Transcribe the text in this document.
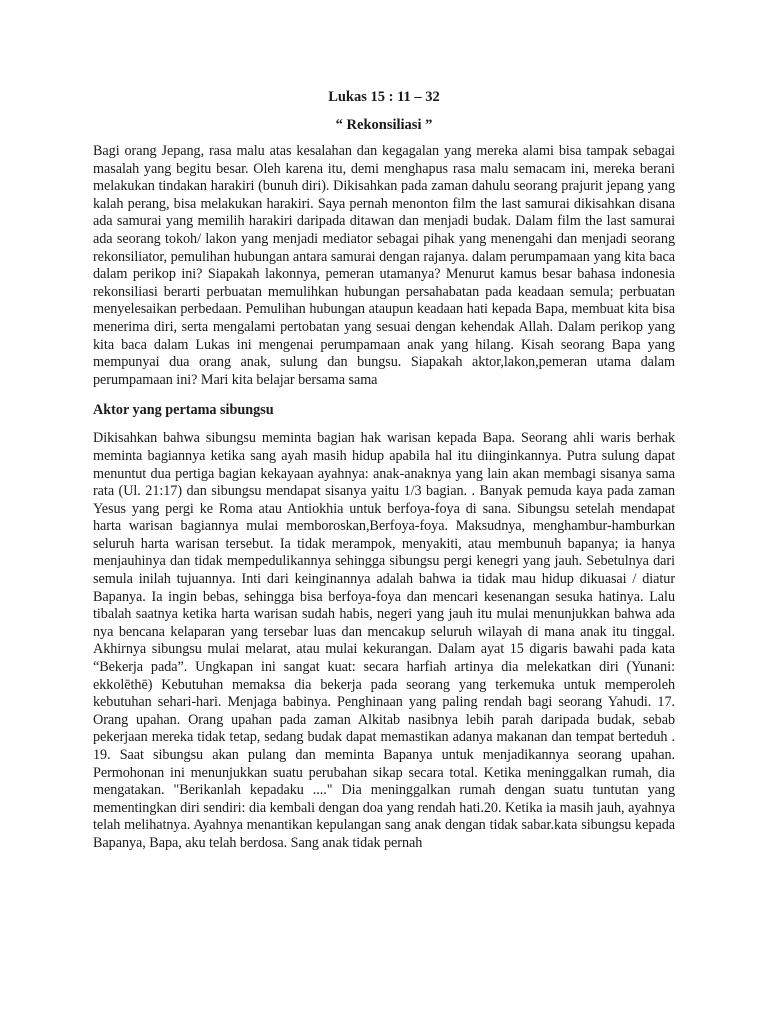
Lukas 15 : 11 – 32
“ Rekonsiliasi ”

Bagi orang Jepang, rasa malu atas kesalahan dan kegagalan yang mereka alami bisa tampak sebagai masalah yang begitu besar. Oleh karena itu, demi menghapus rasa malu semacam ini, mereka berani melakukan tindakan harakiri (bunuh diri). Dikisahkan pada zaman dahulu seorang prajurit jepang yang kalah perang, bisa melakukan harakiri. Saya pernah menonton film the last samurai dikisahkan disana ada samurai yang memilih harakiri daripada ditawan dan menjadi budak. Dalam film the last samurai ada seorang tokoh/ lakon yang menjadi mediator sebagai pihak yang menengahi dan menjadi seorang rekonsiliator, pemulihan hubungan antara samurai dengan rajanya. dalam perumpamaan yang kita baca dalam perikop ini? Siapakah lakonnya, pemeran utamanya? Menurut kamus besar bahasa indonesia rekonsiliasi berarti perbuatan memulihkan hubungan persahabatan pada keadaan semula; perbuatan menyelesaikan perbedaan. Pemulihan hubungan ataupun keadaan hati kepada Bapa, membuat kita bisa menerima diri, serta mengalami pertobatan yang sesuai dengan kehendak Allah. Dalam perikop yang kita baca dalam Lukas ini mengenai perumpamaan anak yang hilang. Kisah seorang Bapa yang mempunyai dua orang anak, sulung dan bungsu. Siapakah aktor,lakon,pemeran utama dalam perumpamaan ini? Mari kita belajar bersama sama

Aktor yang pertama sibungsu

Dikisahkan bahwa sibungsu meminta bagian hak warisan kepada Bapa. Seorang ahli waris berhak meminta bagiannya ketika sang ayah masih hidup apabila hal itu diinginkannya. Putra sulung dapat menuntut dua pertiga bagian kekayaan ayahnya: anak-anaknya yang lain akan membagi sisanya sama rata (Ul. 21:17) dan sibungsu mendapat sisanya yaitu 1/3 bagian. . Banyak pemuda kaya pada zaman Yesus yang pergi ke Roma atau Antiokhia untuk berfoya-foya di sana. Sibungsu setelah mendapat harta warisan bagiannya mulai memboroskan,Berfoya-foya. Maksudnya, menghambur-hamburkan seluruh harta warisan tersebut. Ia tidak merampok, menyakiti, atau membunuh bapanya; ia hanya menjauhinya dan tidak mempedulikannya sehingga sibungsu pergi kenegri yang jauh. Sebetulnya dari semula inilah tujuannya. Inti dari keinginannya adalah bahwa ia tidak mau hidup dikuasai / diatur Bapanya. Ia ingin bebas, sehingga bisa berfoya-foya dan mencari kesenangan sesuka hatinya. Lalu tibalah saatnya ketika harta warisan sudah habis, negeri yang jauh itu mulai menunjukkan bahwa ada nya bencana kelaparan yang tersebar luas dan mencakup seluruh wilayah di mana anak itu tinggal. Akhirnya sibungsu mulai melarat, atau mulai kekurangan. Dalam ayat 15 digaris bawahi pada kata “Bekerja pada”. Ungkapan ini sangat kuat: secara harfiah artinya dia melekatkan diri (Yunani: ekkolēthē) Kebutuhan memaksa dia bekerja pada seorang yang terkemuka untuk memperoleh kebutuhan sehari-hari. Menjaga babinya. Penghinaan yang paling rendah bagi seorang Yahudi. 17. Orang upahan. Orang upahan pada zaman Alkitab nasibnya lebih parah daripada budak, sebab pekerjaan mereka tidak tetap, sedang budak dapat memastikan adanya makanan dan tempat berteduh . 19. Saat sibungsu akan pulang dan meminta Bapanya untuk menjadikannya seorang upahan. Permohonan ini menunjukkan suatu perubahan sikap secara total. Ketika meninggalkan rumah, dia mengatakan. "Berikanlah kepadaku ...." Dia meninggalkan rumah dengan suatu tuntutan yang mementingkan diri sendiri: dia kembali dengan doa yang rendah hati.20. Ketika ia masih jauh, ayahnya telah melihatnya. Ayahnya menantikan kepulangan sang anak dengan tidak sabar.kata sibungsu kepada Bapanya, Bapa, aku telah berdosa. Sang anak tidak pernah
